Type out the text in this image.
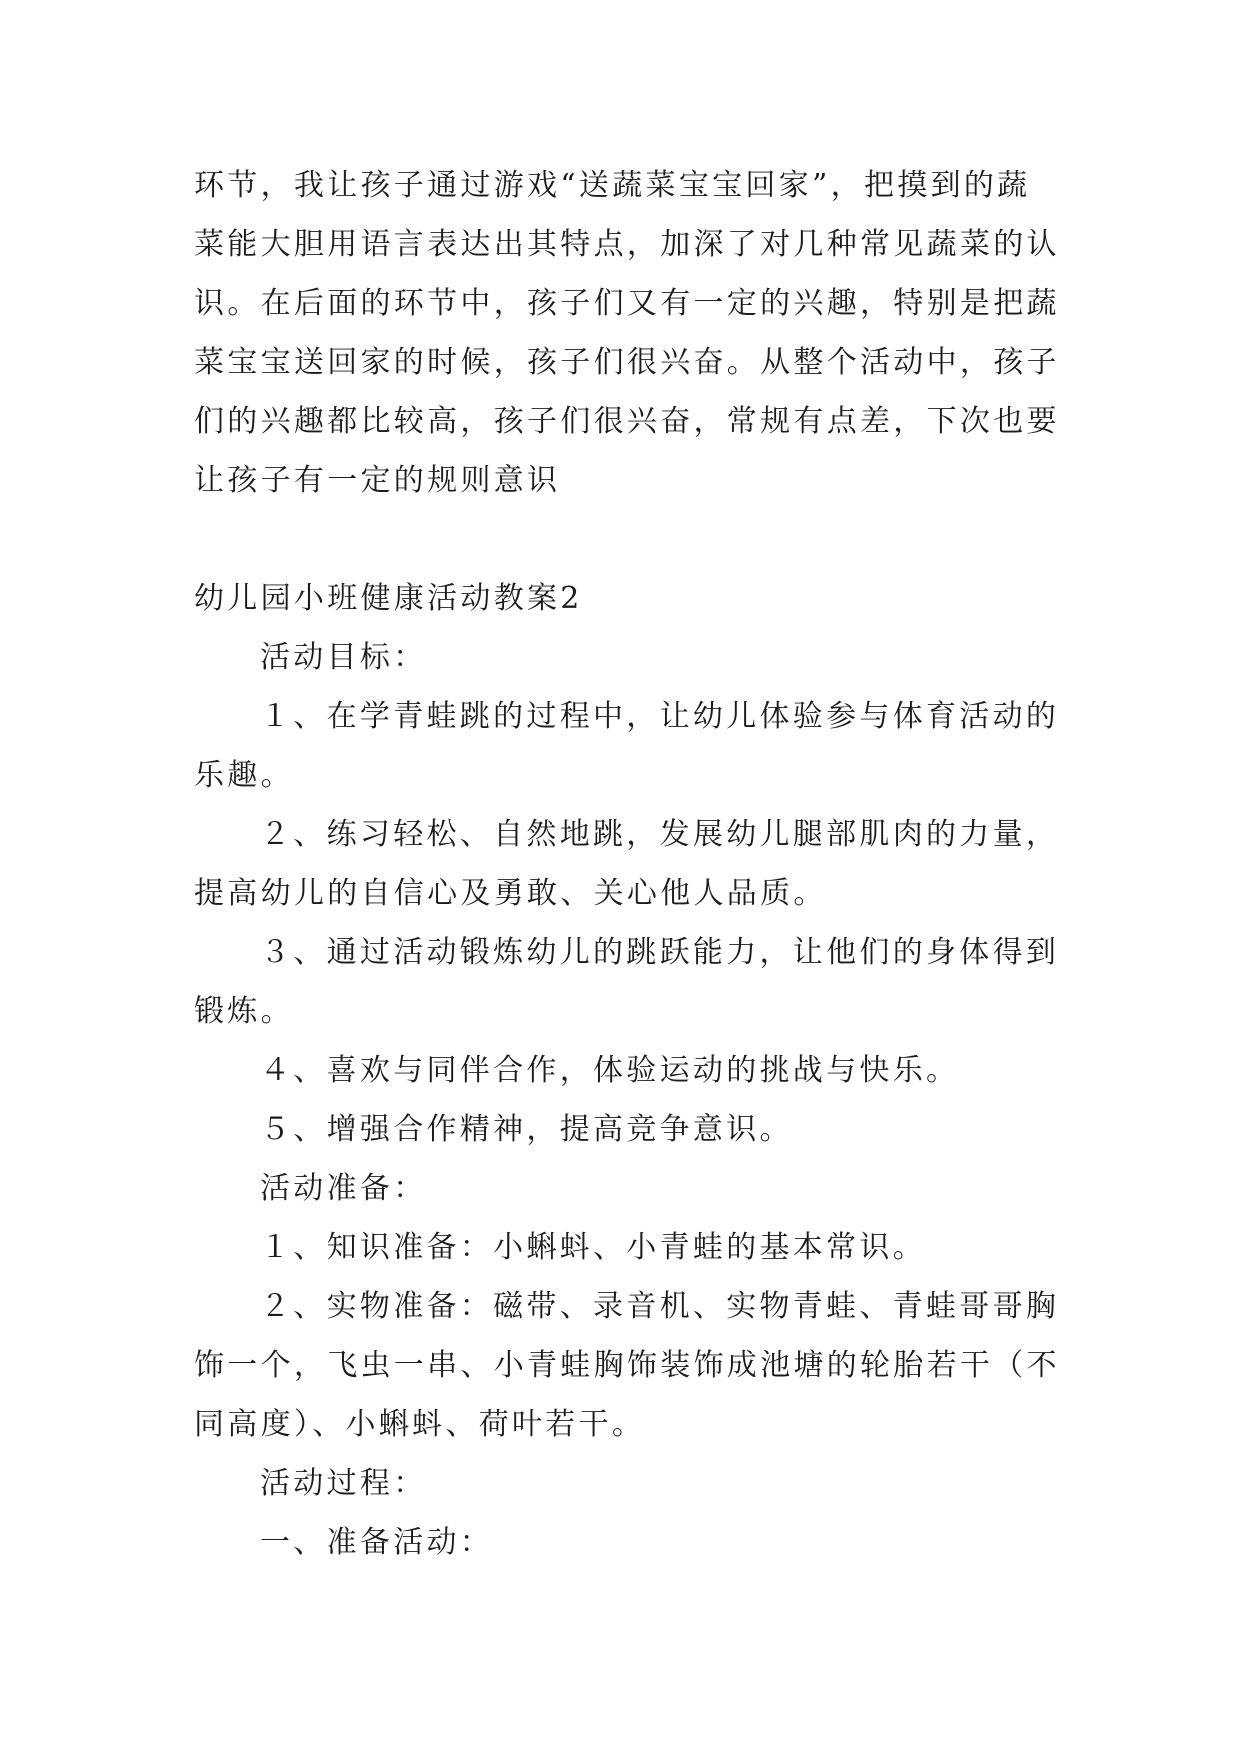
环节，我让孩子通过游戏“送蔬菜宝宝回家”，把摸到的蔬
菜能大胆用语言表达出其特点，加深了对几种常见蔬菜的认
识。在后面的环节中，孩子们又有一定的兴趣，特别是把蔬
菜宝宝送回家的时候，孩子们很兴奋。从整个活动中，孩子
们的兴趣都比较高，孩子们很兴奋，常规有点差，下次也要
让孩子有一定的规则意识
幼儿园小班健康活动教案2
活动目标：
１、在学青蛙跳的过程中，让幼儿体验参与体育活动的
乐趣。
２、练习轻松、自然地跳，发展幼儿腿部肌肉的力量，
提高幼儿的自信心及勇敢、关心他人品质。
３、通过活动锻炼幼儿的跳跃能力，让他们的身体得到
锻炼。
４、喜欢与同伴合作，体验运动的挑战与快乐。
５、增强合作精神，提高竞争意识。
活动准备：
１、知识准备：小蝌蚪、小青蛙的基本常识。
２、实物准备：磁带、录音机、实物青蛙、青蛙哥哥胸
饰一个，飞虫一串、小青蛙胸饰装饰成池塘的轮胎若干（不
同高度）、小蝌蚪、荷叶若干。
活动过程：
一、准备活动：
